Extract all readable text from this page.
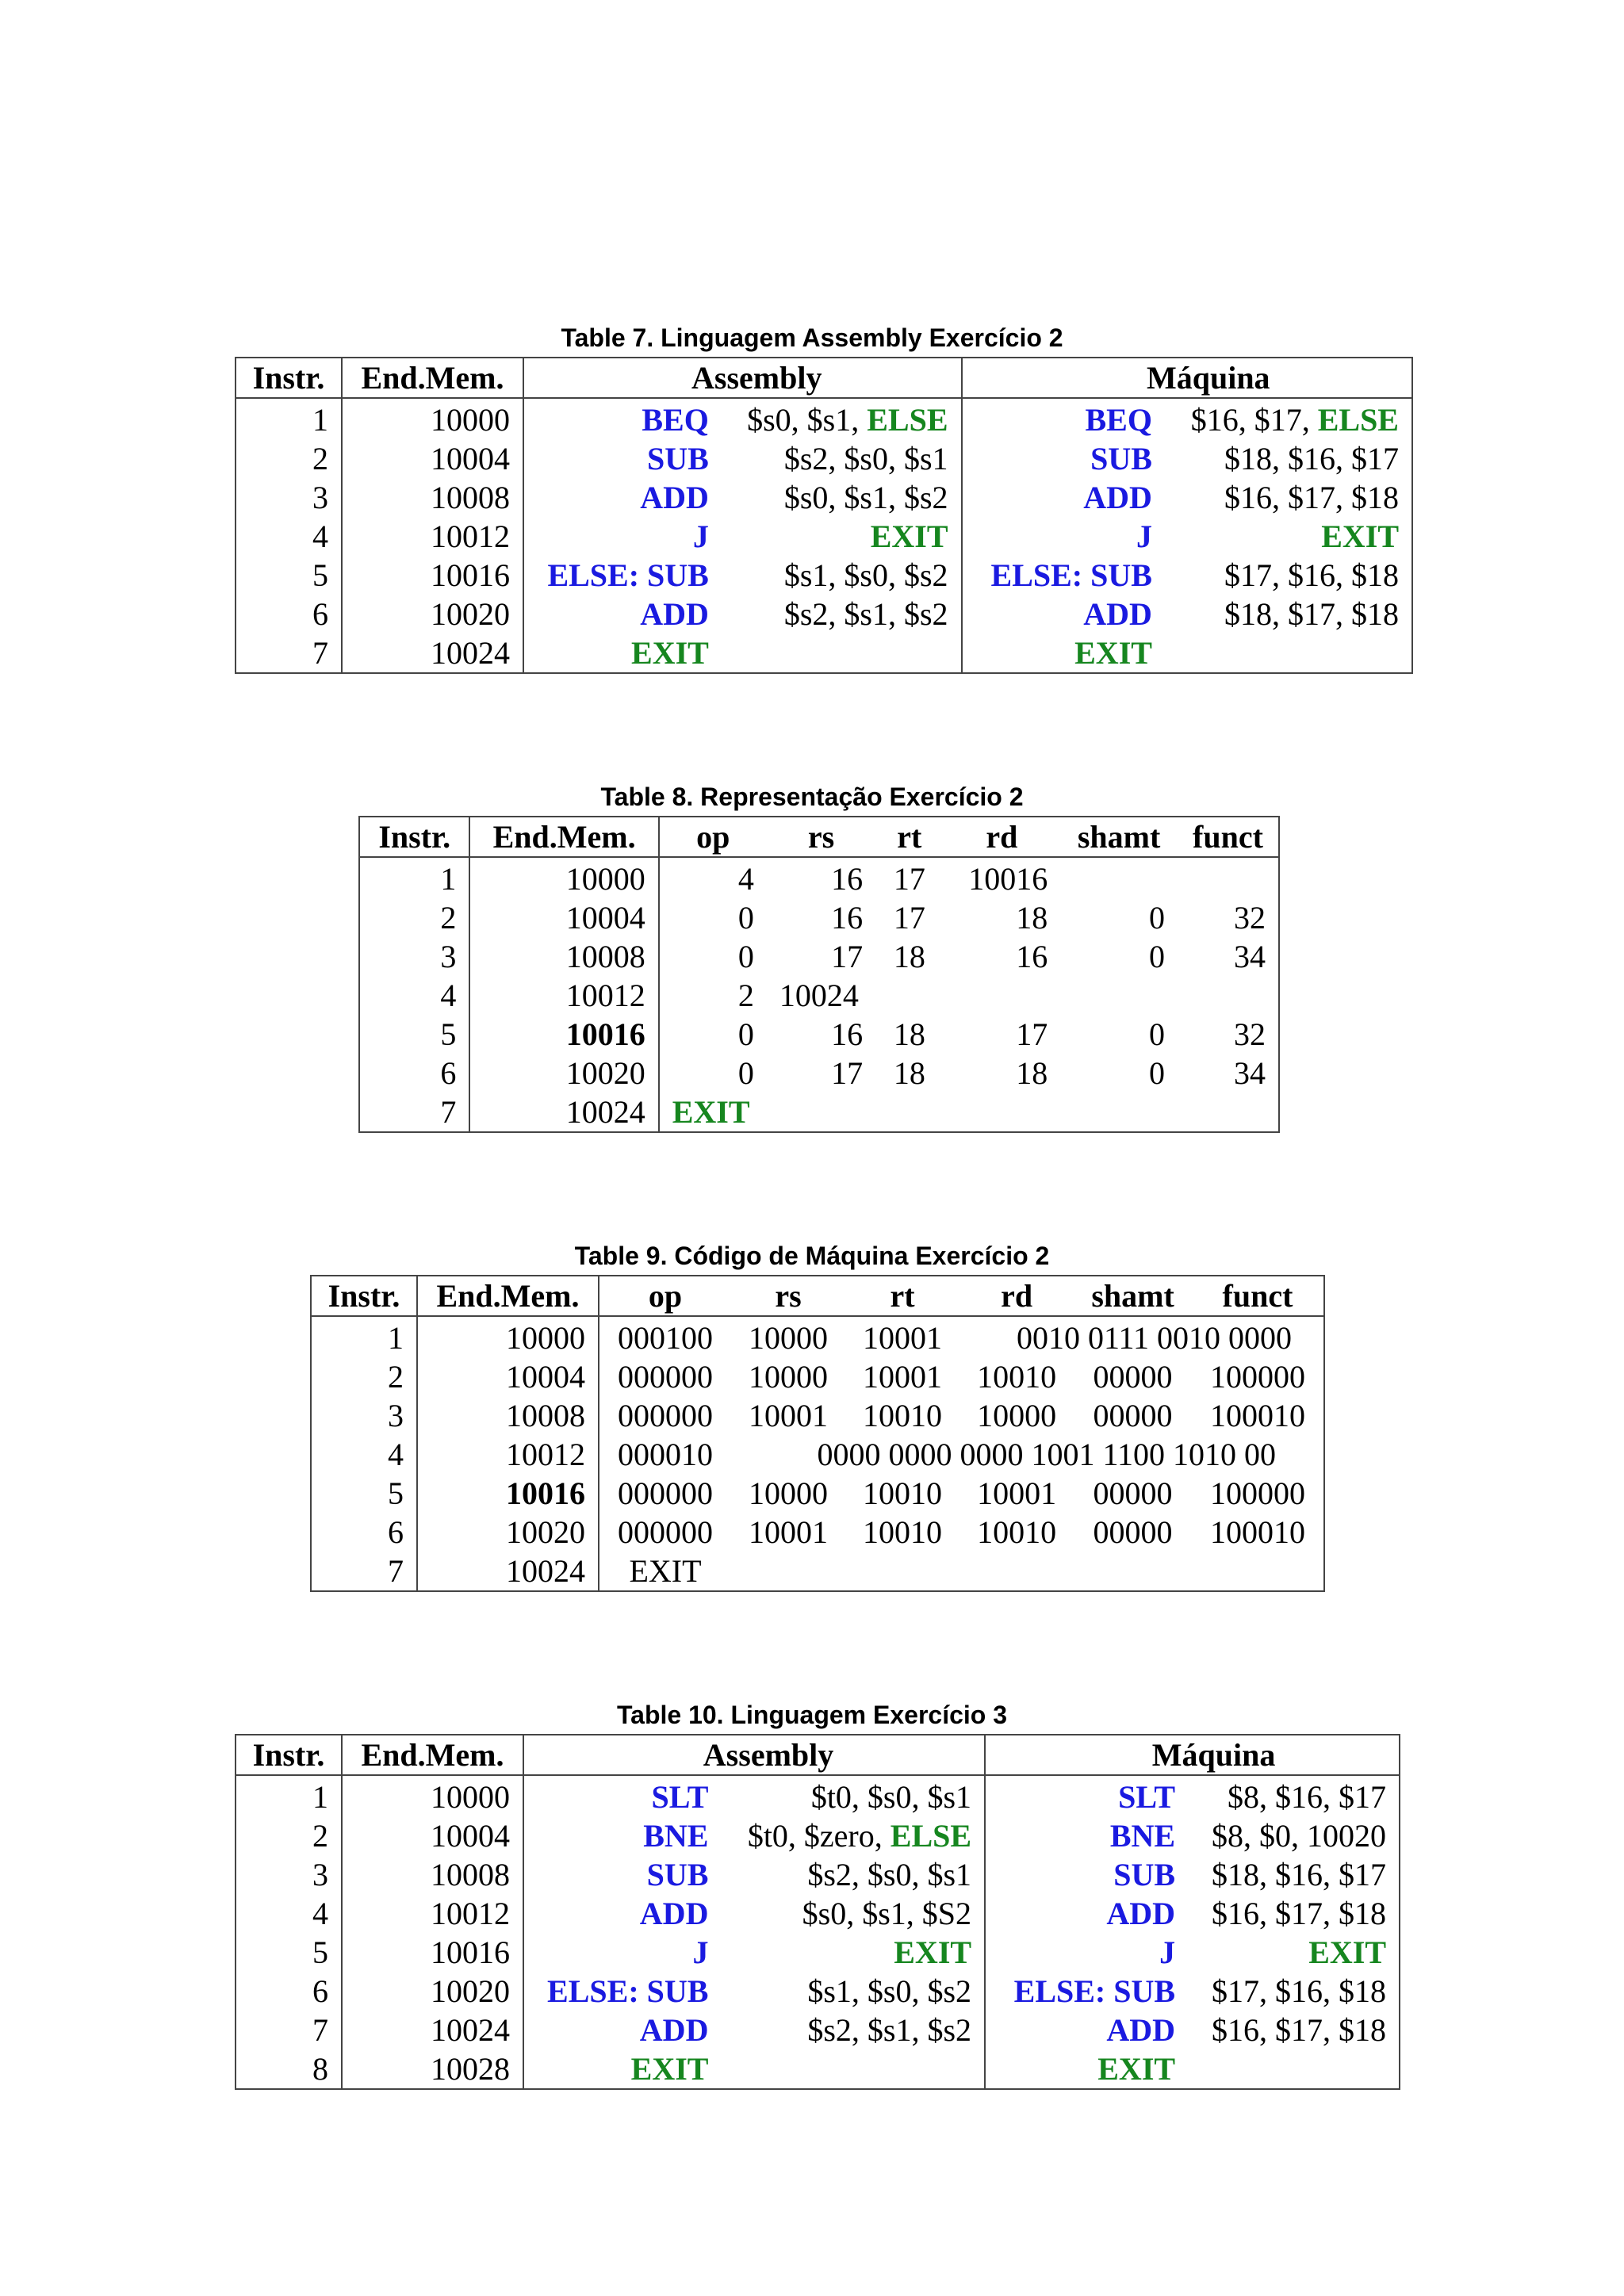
Table 7. Linguagem Assembly Exercício 2
Instr.	End.Mem.	Assembly		Máquina		
1	10000	BEQ	$s0, $s1, ELSE	BEQ	$16, $17, ELSE	
2	10004	SUB	$s2, $s0, $s1	SUB	$18, $16, $17	
3	10008	ADD	$s0, $s1, $s2	ADD	$16, $17, $18	
4	10012	J	EXIT	J	EXIT	
5	10016	ELSE: SUB	$s1, $s0, $s2	ELSE: SUB	$17, $16, $18	
6	10020	ADD	$s2, $s1, $s2	ADD	$18, $17, $18	
7	10024	EXIT		EXIT		
Table 8. Representação Exercício 2
Instr.	End.Mem.	op	rs	rt	rd	shamt	funct
1	10000	4	16	17	10016		
2	10004	0	16	17	18	0	32
3	10008	0	17	18	16	0	34
4	10012	2	10024				
5	10016	0	16	18	17	0	32
6	10020	0	17	18	18	0	34
7	10024	EXIT					
Table 9. Código de Máquina Exercício 2
Instr.	End.Mem.	op	rs	rt	rd	shamt	funct
1	10000	000100	10000	10001	0010 0111 0010 0000		
2	10004	000000	10000	10001	10010	00000	100000
3	10008	000000	10001	10010	10000	00000	100010
4	10012	000010	0000 0000 0000 1001 1100 1010 00				
5	10016	000000	10000	10010	10001	00000	100000
6	10020	000000	10001	10010	10010	00000	100010
7	10024	EXIT					
Table 10. Linguagem Exercício 3
Instr.	End.Mem.	Assembly		Máquina		
1	10000	SLT	$t0, $s0, $s1	SLT	$8, $16, $17	
2	10004	BNE	$t0, $zero, ELSE	BNE	$8, $0, 10020	
3	10008	SUB	$s2, $s0, $s1	SUB	$18, $16, $17	
4	10012	ADD	$s0, $s1, $S2	ADD	$16, $17, $18	
5	10016	J	EXIT	J	EXIT	
6	10020	ELSE: SUB	$s1, $s0, $s2	ELSE: SUB	$17, $16, $18	
7	10024	ADD	$s2, $s1, $s2	ADD	$16, $17, $18	
8	10028	EXIT		EXIT		
